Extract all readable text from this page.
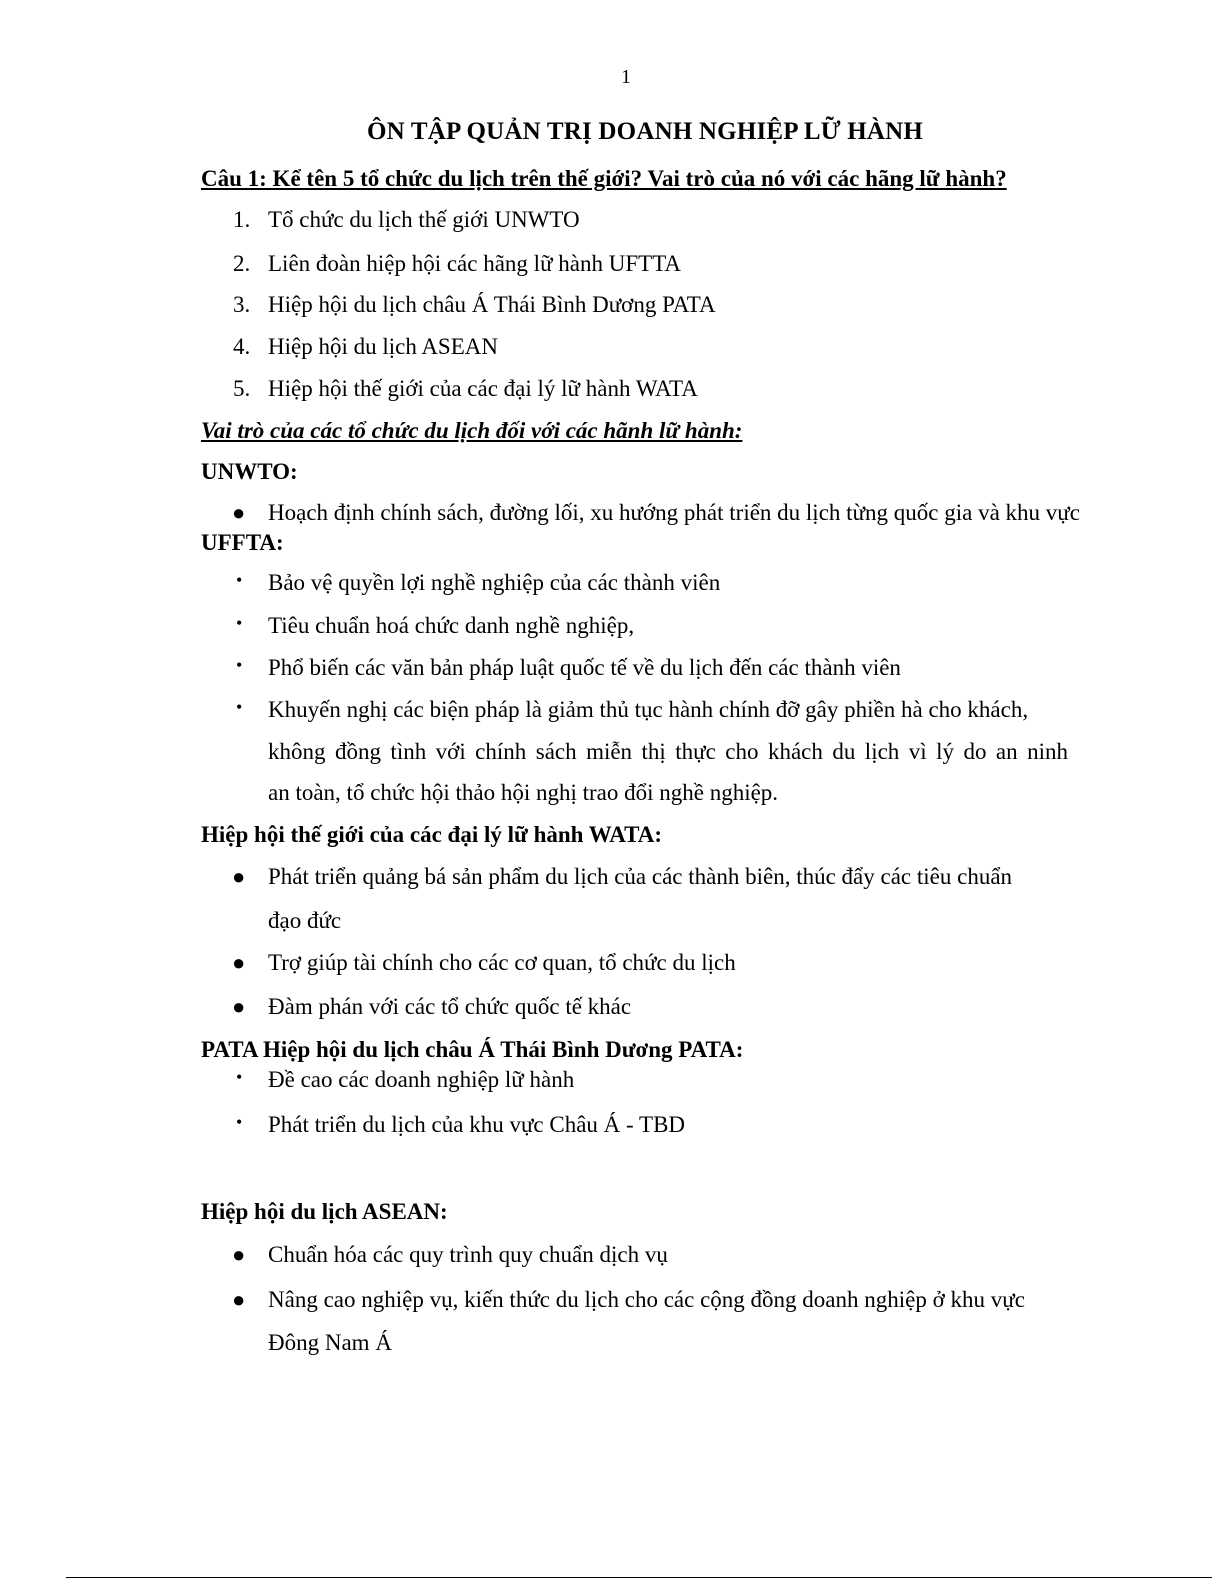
1
ÔN TẬP QUẢN TRỊ DOANH NGHIỆP LỮ HÀNH
Câu 1: Kể tên 5 tổ chức du lịch trên thế giới? Vai trò của nó với các hãng lữ hành?
1. Tổ chức du lịch thế giới UNWTO
2. Liên đoàn hiệp hội các hãng lữ hành UFTTA
3. Hiệp hội du lịch châu Á Thái Bình Dương PATA
4. Hiệp hội du lịch ASEAN
5. Hiệp hội thế giới của các đại lý lữ hành WATA
Vai trò của các tổ chức du lịch đối với các hãnh lữ hành:
UNWTO:
● Hoạch định chính sách, đường lối, xu hướng phát triển du lịch từng quốc gia và khu vực
UFFTA:
• Bảo vệ quyền lợi nghề nghiệp của các thành viên
• Tiêu chuẩn hoá chức danh nghề nghiệp,
• Phổ biến các văn bản pháp luật quốc tế về du lịch đến các thành viên
• Khuyến nghị các biện pháp là giảm thủ tục hành chính đỡ gây phiền hà cho khách,
không đồng tình với chính sách miễn thị thực cho khách du lịch vì lý do an ninh
an toàn, tổ chức hội thảo hội nghị trao đổi nghề nghiệp.
Hiệp hội thế giới của các đại lý lữ hành WATA:
● Phát triển quảng bá sản phẩm du lịch của các thành biên, thúc đẩy các tiêu chuẩn
đạo đức
● Trợ giúp tài chính cho các cơ quan, tổ chức du lịch
● Đàm phán với các tổ chức quốc tế khác
PATA Hiệp hội du lịch châu Á Thái Bình Dương PATA:
• Đề cao các doanh nghiệp lữ hành
• Phát triển du lịch của khu vực Châu Á - TBD
Hiệp hội du lịch ASEAN:
● Chuẩn hóa các quy trình quy chuẩn dịch vụ
● Nâng cao nghiệp vụ, kiến thức du lịch cho các cộng đồng doanh nghiệp ở khu vực
Đông Nam Á
